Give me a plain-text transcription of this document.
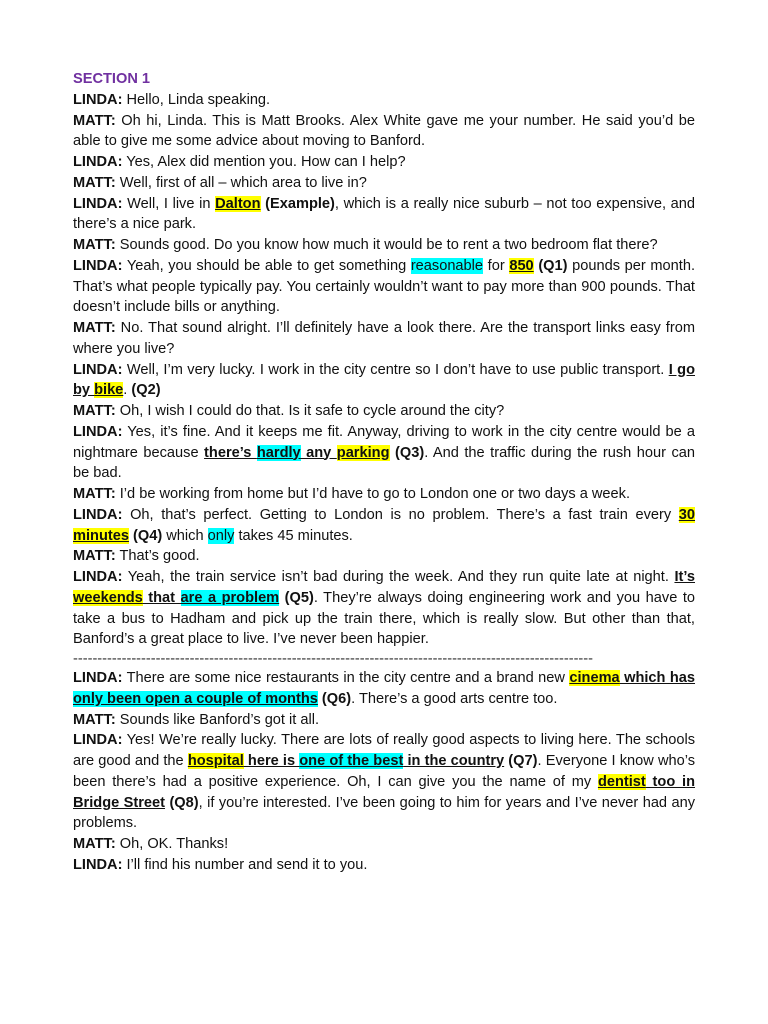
SECTION 1

LINDA: Hello, Linda speaking.

MATT: Oh hi, Linda. This is Matt Brooks. Alex White gave me your number. He said you’d be able to give me some advice about moving to Banford.

LINDA: Yes, Alex did mention you. How can I help?

MATT: Well, first of all – which area to live in?

LINDA: Well, I live in Dalton (Example), which is a really nice suburb – not too expensive, and there’s a nice park.

MATT: Sounds good. Do you know how much it would be to rent a two bedroom flat there?

LINDA: Yeah, you should be able to get something reasonable for 850 (Q1) pounds per month. That’s what people typically pay. You certainly wouldn’t want to pay more than 900 pounds. That doesn’t include bills or anything.

MATT: No. That sound alright. I’ll definitely have a look there. Are the transport links easy from where you live?

LINDA: Well, I’m very lucky. I work in the city centre so I don’t have to use public transport. I go by bike. (Q2)

MATT: Oh, I wish I could do that. Is it safe to cycle around the city?

LINDA: Yes, it’s fine. And it keeps me fit. Anyway, driving to work in the city centre would be a nightmare because there’s hardly any parking (Q3). And the traffic during the rush hour can be bad.

MATT: I’d be working from home but I’d have to go to London one or two days a week.

LINDA: Oh, that’s perfect. Getting to London is no problem. There’s a fast train every 30 minutes (Q4) which only takes 45 minutes.

MATT: That’s good.

LINDA: Yeah, the train service isn’t bad during the week. And they run quite late at night. It’s weekends that are a problem (Q5). They’re always doing engineering work and you have to take a bus to Hadham and pick up the train there, which is really slow. But other than that, Banford’s a great place to live. I’ve never been happier.

-----------------------------------------------------------------------------------------------------------

LINDA: There are some nice restaurants in the city centre and a brand new cinema which has only been open a couple of months (Q6). There’s a good arts centre too.

MATT: Sounds like Banford’s got it all.

LINDA: Yes! We’re really lucky. There are lots of really good aspects to living here. The schools are good and the hospital here is one of the best in the country (Q7). Everyone I know who’s been there’s had a positive experience. Oh, I can give you the name of my dentist too in Bridge Street (Q8), if you’re interested. I’ve been going to him for years and I’ve never had any problems.

MATT: Oh, OK. Thanks!

LINDA: I’ll find his number and send it to you.
